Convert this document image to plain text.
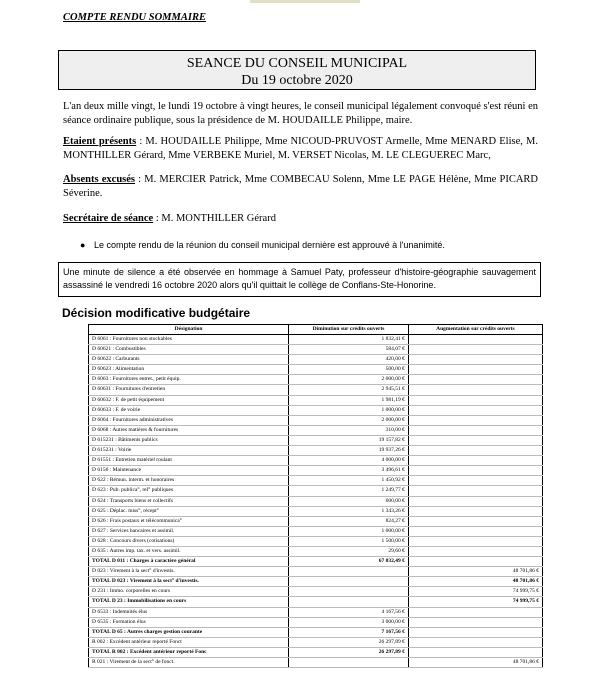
COMPTE RENDU SOMMAIRE
SEANCE DU CONSEIL MUNICIPAL
Du 19 octobre 2020
L'an deux mille vingt, le lundi 19 octobre à vingt heures, le conseil municipal légalement convoqué s'est réuni en séance ordinaire publique, sous la présidence de M. HOUDAILLE Philippe, maire.
Etaient présents : M. HOUDAILLE Philippe, Mme NICOUD-PRUVOST Armelle, Mme MENARD Elise, M. MONTHILLER Gérard, Mme VERBEKE Muriel, M. VERSET Nicolas, M. LE CLEGUEREC Marc,
Absents excusés : M. MERCIER Patrick, Mme COMBECAU Solenn, Mme LE PAGE Hélène, Mme PICARD Séverine.
Secrétaire de séance : M. MONTHILLER Gérard
● Le compte rendu de la réunion du conseil municipal dernière est approuvé à l'unanimité.
Une minute de silence a été observée en hommage à Samuel Paty, professeur d'histoire-géographie sauvagement assassiné le vendredi 16 octobre 2020 alors qu'il quittait le collège de Conflans-Ste-Honorine.
Décision modificative budgétaire
Désignation	Diminution sur crédits ouverts	Augmentation sur crédits ouverts
D 6061 : Fournitures non stockables	1 832,41 €	
D 60621 : Combustibles	584,07 €	
D 60622 : Carburants	420,00 €	
D 60623 : Alimentation	500,00 €	
D 6063 : Fournitures entret., petit équip.	2 000,00 €	
D 60631 : Fournitures d'entretien	2 945,51 €	
D 60632 : F. de petit équipement	1 981,19 €	
D 60633 : F. de voirie	1 000,00 €	
D 6064 : Fournitures administratives	2 000,00 €	
D 6068 : Autres matières & fournitures	310,00 €	
D 615231 : Bâtiments publics	19 157,82 €	
D 615231 : Voirie	19 937,26 €	
D 61551 : Entretien matériel roulant	4 000,00 €	
D 6156 : Maintenance	3 496,61 €	
D 622 : Rémun. interm. et honoraires	1 450,92 €	
D 623 : Pub. publica°, rel° publiques	1 249,77 €	
D 624 : Transports biens et collectifs	600,00 €	
D 625 : Déplac. miss°, récept°	1 343,26 €	
D 626 : Frais postaux et télécommunica°	824,27 €	
D 627 : Services bancaires et assimil.	1 000,00 €	
D 628 : Concours divers (cotisations)	1 500,00 €	
D 635 : Autres imp. tax. et vers. assimil.	29,60 €	
TOTAL D 011 : Charges à caractère général	67 832,49 €	
D 023 : Virement à la sect° d'investis.		48 701,86 €
TOTAL D 023 : Virement à la sect° d'investis.		48 701,86 €
D 231 : Immo. corporelles en cours		74 999,75 €
TOTAL D 23 : Immobilisations en cours		74 999,75 €
D 6533 : Indemnités élus	4 167,56 €	
D 6535 : Formation élus	3 000,00 €	
TOTAL D 65 : Autres charges gestion courante	7 167,56 €	
R 002 : Excédent antérieur reporté Fonct	26 297,89 €	
TOTAL R 002 : Excédent antérieur reporté Fonc	26 297,89 €	
R 021 : Virement de la sect° de fonct.		48 701,86 €
